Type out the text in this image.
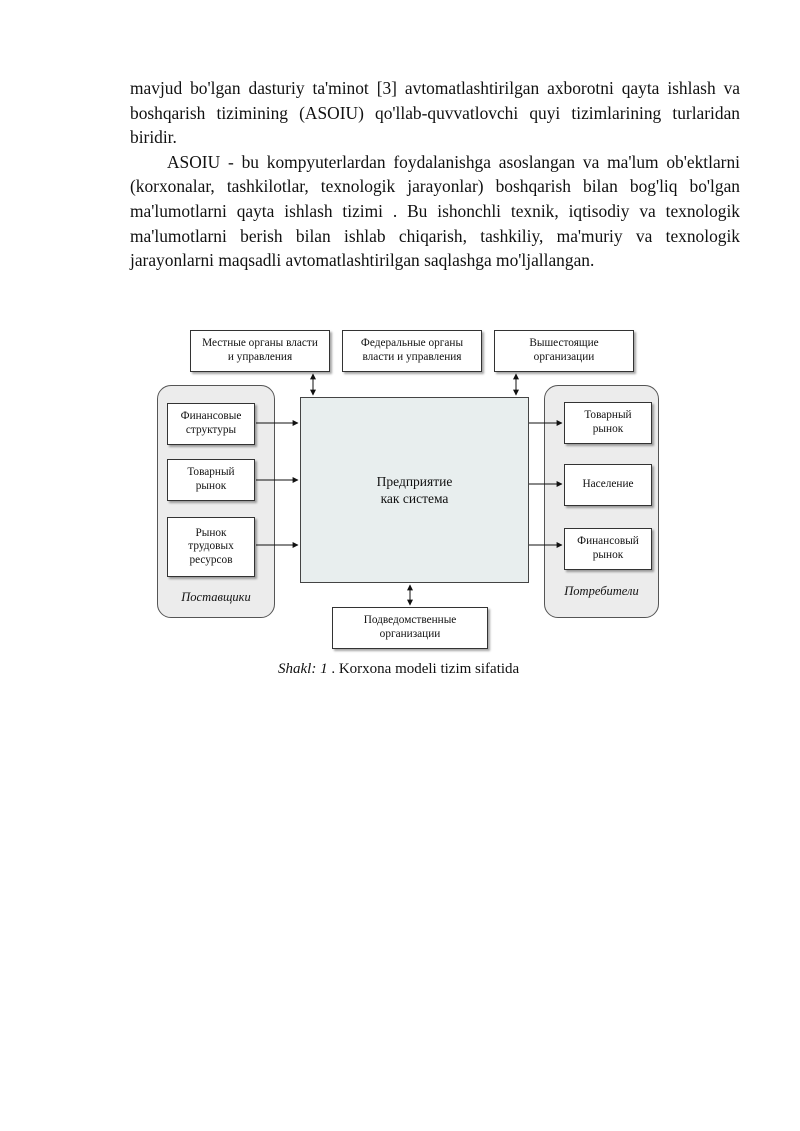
mavjud bo'lgan dasturiy ta'minot [3] avtomatlashtirilgan axborotni qayta ishlash va boshqarish tizimining (ASOIU) qo'llab-quvvatlovchi quyi tizimlarining turlaridan biridir.

ASOIU - bu kompyuterlardan foydalanishga asoslangan va ma'lum ob'ektlarni (korxonalar, tashkilotlar, texnologik jarayonlar) boshqarish bilan bog'liq bo'lgan ma'lumotlarni qayta ishlash tizimi . Bu ishonchli texnik, iqtisodiy va texnologik ma'lumotlarni berish bilan ishlab chiqarish, tashkiliy, ma'muriy va texnologik jarayonlarni maqsadli avtomatlashtirilgan saqlashga mo'ljallangan.

Поставщики	Потребители
Местные органы власти
и управления
Федеральные органы
власти и управления
Вышестоящие
организации
Предприятие
как система
Финансовые
структуры
Товарный
рынок
Рынок
трудовых
ресурсов
Товарный
рынок
Население
Финансовый
рынок
Подведомственные
организации
Shakl: 1 . Korxona modeli tizim sifatida
